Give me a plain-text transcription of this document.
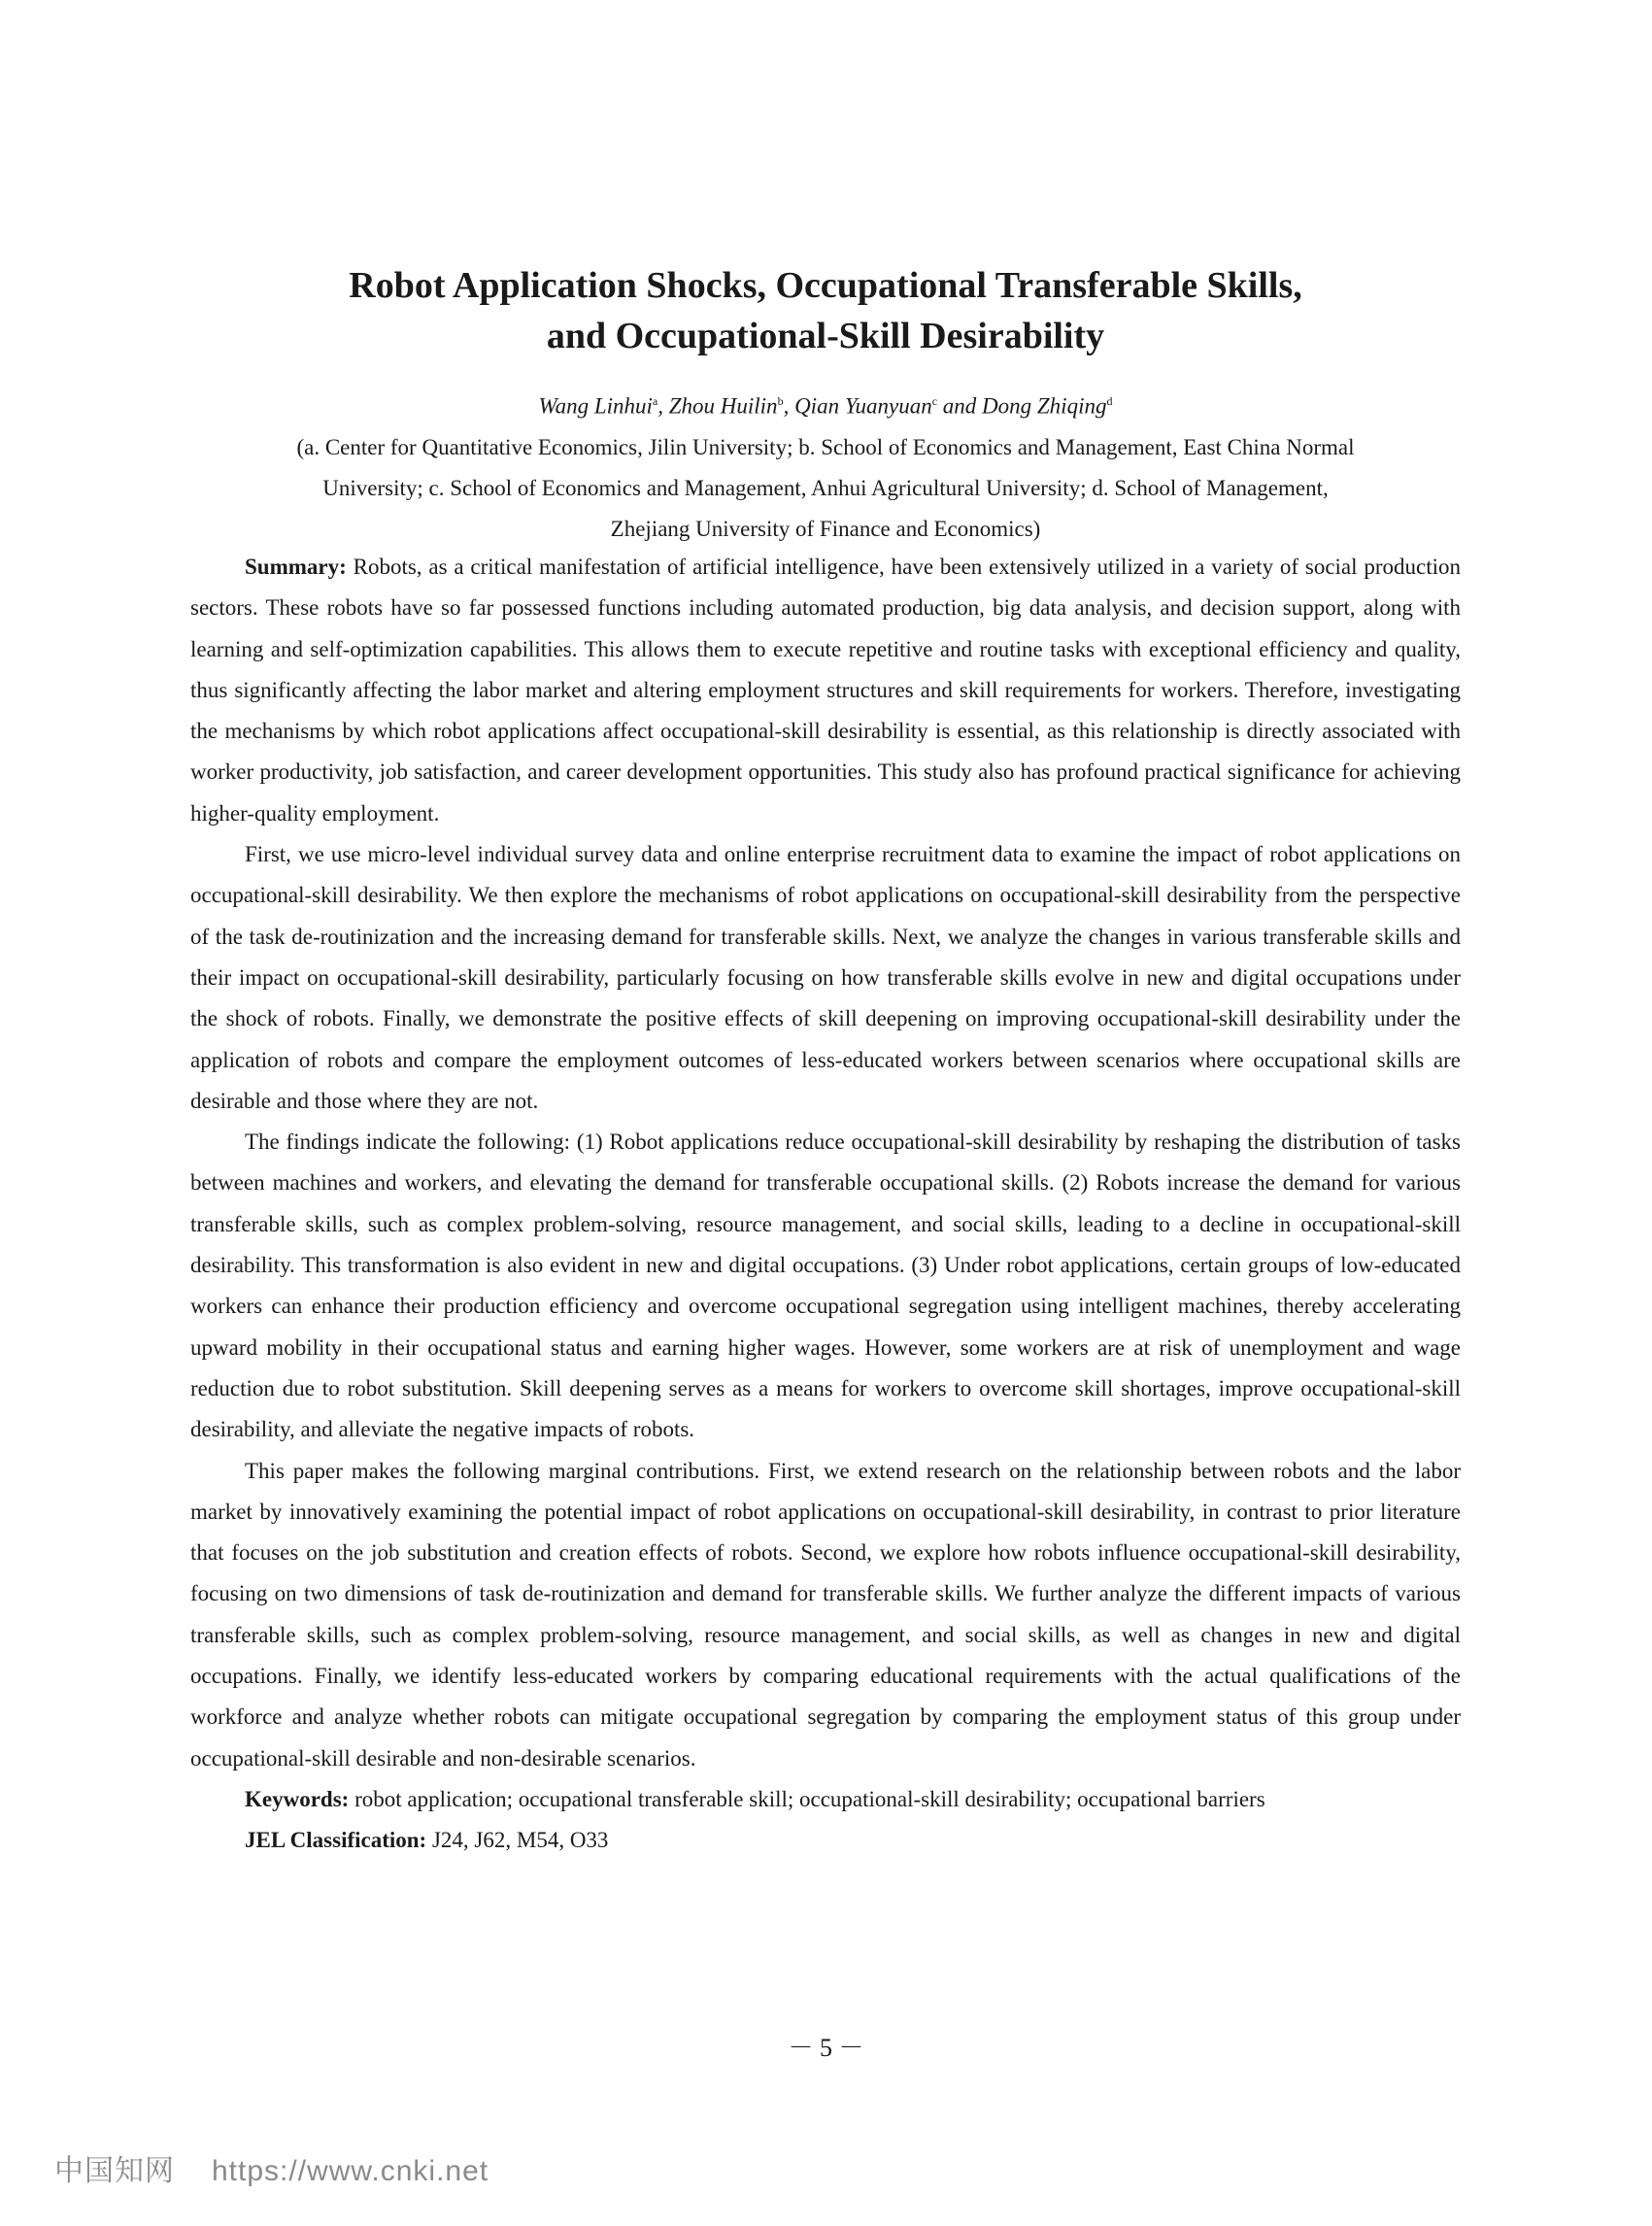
Robot Application Shocks, Occupational Transferable Skills,
and Occupational-Skill Desirability
Wang Linhui$^a$, Zhou Huilin$^b$, Qian Yuanyuan$^c$ and Dong Zhiqing$^d$
(a. Center for Quantitative Economics, Jilin University; b. School of Economics and Management, East China Normal
University; c. School of Economics and Management, Anhui Agricultural University; d. School of Management,
Zhejiang University of Finance and Economics)

Summary: Robots, as a critical manifestation of artificial intelligence, have been extensively utilized in a variety of social production sectors. These robots have so far possessed functions including automated production, big data analysis, and decision support, along with learning and self-optimization capabilities. This allows them to execute repetitive and routine tasks with exceptional efficiency and quality, thus significantly affecting the labor market and altering employment structures and skill requirements for workers. Therefore, investigating the mechanisms by which robot applications affect occupational-skill desirability is essential, as this relationship is directly associated with worker productivity, job satisfaction, and career development opportunities. This study also has profound practical significance for achieving higher-quality employment.

First, we use micro-level individual survey data and online enterprise recruitment data to examine the impact of robot applications on occupational-skill desirability. We then explore the mechanisms of robot applications on occupational-skill desirability from the perspective of the task de-routinization and the increasing demand for transferable skills. Next, we analyze the changes in various transferable skills and their impact on occupational-skill desirability, particularly focusing on how transferable skills evolve in new and digital occupations under the shock of robots. Finally, we demonstrate the positive effects of skill deepening on improving occupational-skill desirability under the application of robots and compare the employment outcomes of less-educated workers between scenarios where occupational skills are desirable and those where they are not.

The findings indicate the following: (1) Robot applications reduce occupational-skill desirability by reshaping the distribution of tasks between machines and workers, and elevating the demand for transferable occupational skills. (2) Robots increase the demand for various transferable skills, such as complex problem-solving, resource management, and social skills, leading to a decline in occupational-skill desirability. This transformation is also evident in new and digital occupations. (3) Under robot applications, certain groups of low-educated workers can enhance their production efficiency and overcome occupational segregation using intelligent machines, thereby accelerating upward mobility in their occupational status and earning higher wages. However, some workers are at risk of unemployment and wage reduction due to robot substitution. Skill deepening serves as a means for workers to overcome skill shortages, improve occupational-skill desirability, and alleviate the negative impacts of robots.

This paper makes the following marginal contributions. First, we extend research on the relationship between robots and the labor market by innovatively examining the potential impact of robot applications on occupational-skill desirability, in contrast to prior literature that focuses on the job substitution and creation effects of robots. Second, we explore how robots influence occupational-skill desirability, focusing on two dimensions of task de-routinization and demand for transferable skills. We further analyze the different impacts of various transferable skills, such as complex problem-solving, resource management, and social skills, as well as changes in new and digital occupations. Finally, we identify less-educated workers by comparing educational requirements with the actual qualifications of the workforce and analyze whether robots can mitigate occupational segregation by comparing the employment status of this group under occupational-skill desirable and non-desirable scenarios.

Keywords: robot application; occupational transferable skill; occupational-skill desirability; occupational barriers
JEL Classification: J24, J62, M54, O33
－ 5 －
中国知网 https://www.cnki.net
